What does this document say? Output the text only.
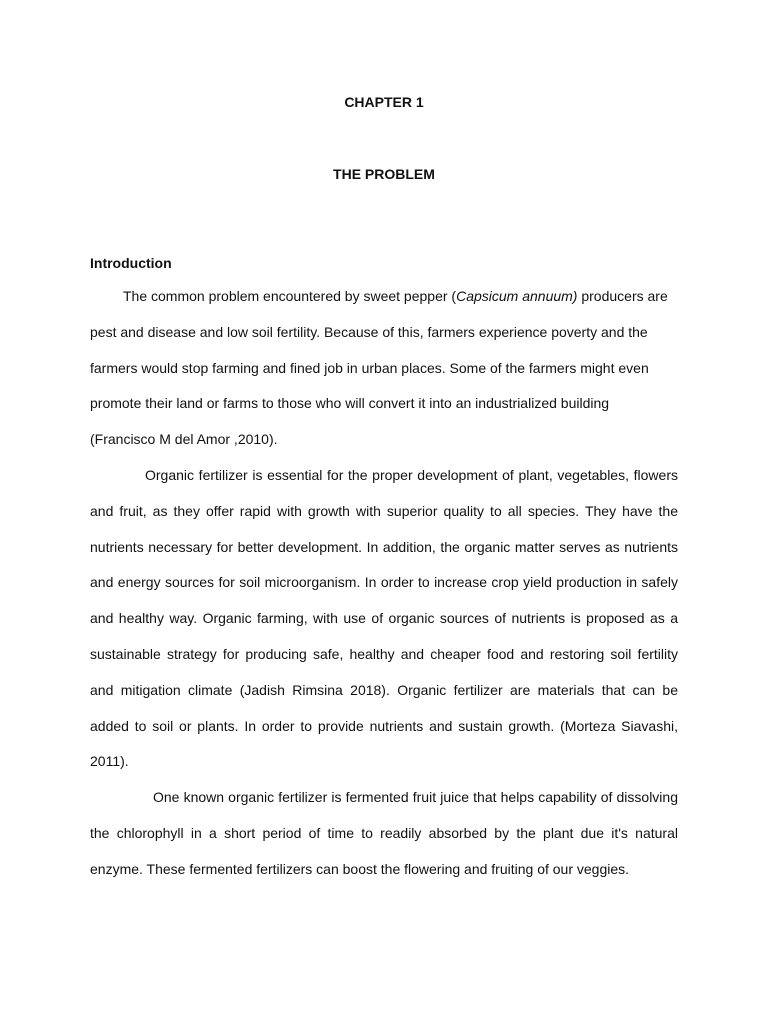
CHAPTER 1
THE PROBLEM
Introduction

The common problem encountered by sweet pepper (Capsicum annuum) producers are pest and disease and low soil fertility. Because of this, farmers experience poverty and the farmers would stop farming and fined job in urban places. Some of the farmers might even promote their land or farms to those who will convert it into an industrialized building (Francisco M del Amor ,2010).

Organic fertilizer is essential for the proper development of plant, vegetables, flowers and fruit, as they offer rapid with growth with superior quality to all species. They have the nutrients necessary for better development. In addition, the organic matter serves as nutrients and energy sources for soil microorganism. In order to increase crop yield production in safely and healthy way. Organic farming, with use of organic sources of nutrients is proposed as a sustainable strategy for producing safe, healthy and cheaper food and restoring soil fertility and mitigation climate (Jadish Rimsina 2018). Organic fertilizer are materials that can be added to soil or plants. In order to provide nutrients and sustain growth. (Morteza Siavashi, 2011).

One known organic fertilizer is fermented fruit juice that helps capability of dissolving the chlorophyll in a short period of time to readily absorbed by the plant due it's natural enzyme. These fermented fertilizers can boost the flowering and fruiting of our veggies.
